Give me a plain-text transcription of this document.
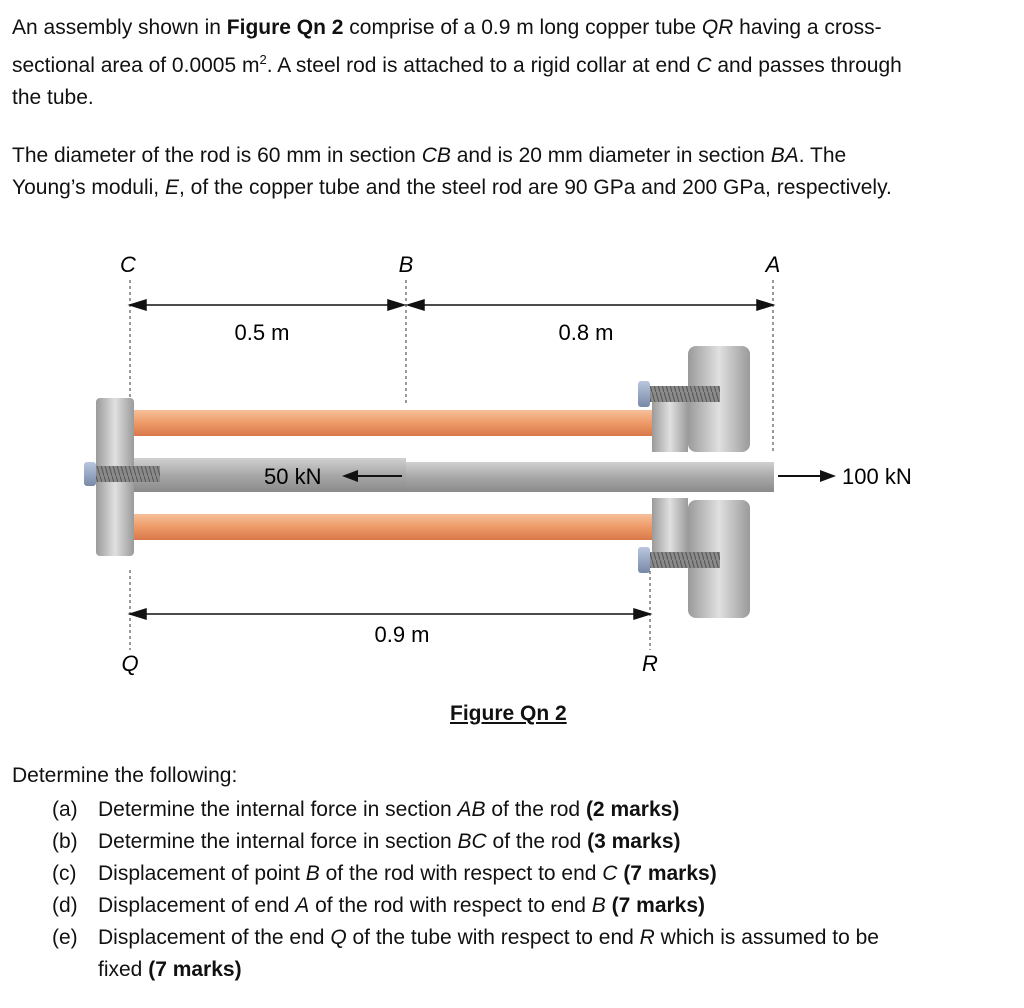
An assembly shown in Figure Qn 2 comprise of a 0.9 m long copper tube QR having a cross-
sectional area of 0.0005 $m^2$. A steel rod is attached to a rigid collar at end C and passes through
the tube.
The diameter of the rod is 60 mm in section CB and is 20 mm diameter in section BA. The
Young’s moduli, E, of the copper tube and the steel rod are 90 GPa and 200 GPa, respectively.
C	B	A
Q	R
0.5 m	0.8 m
0.9 m
50 kN	100 kN
Figure Qn 2
Determine the following:
(a) Determine the internal force in section AB of the rod (2 marks)
(b) Determine the internal force in section BC of the rod (3 marks)
(c) Displacement of point B of the rod with respect to end C (7 marks)
(d) Displacement of end A of the rod with respect to end B (7 marks)
(e) Displacement of the end Q of the tube with respect to end R which is assumed to be
fixed (7 marks)
